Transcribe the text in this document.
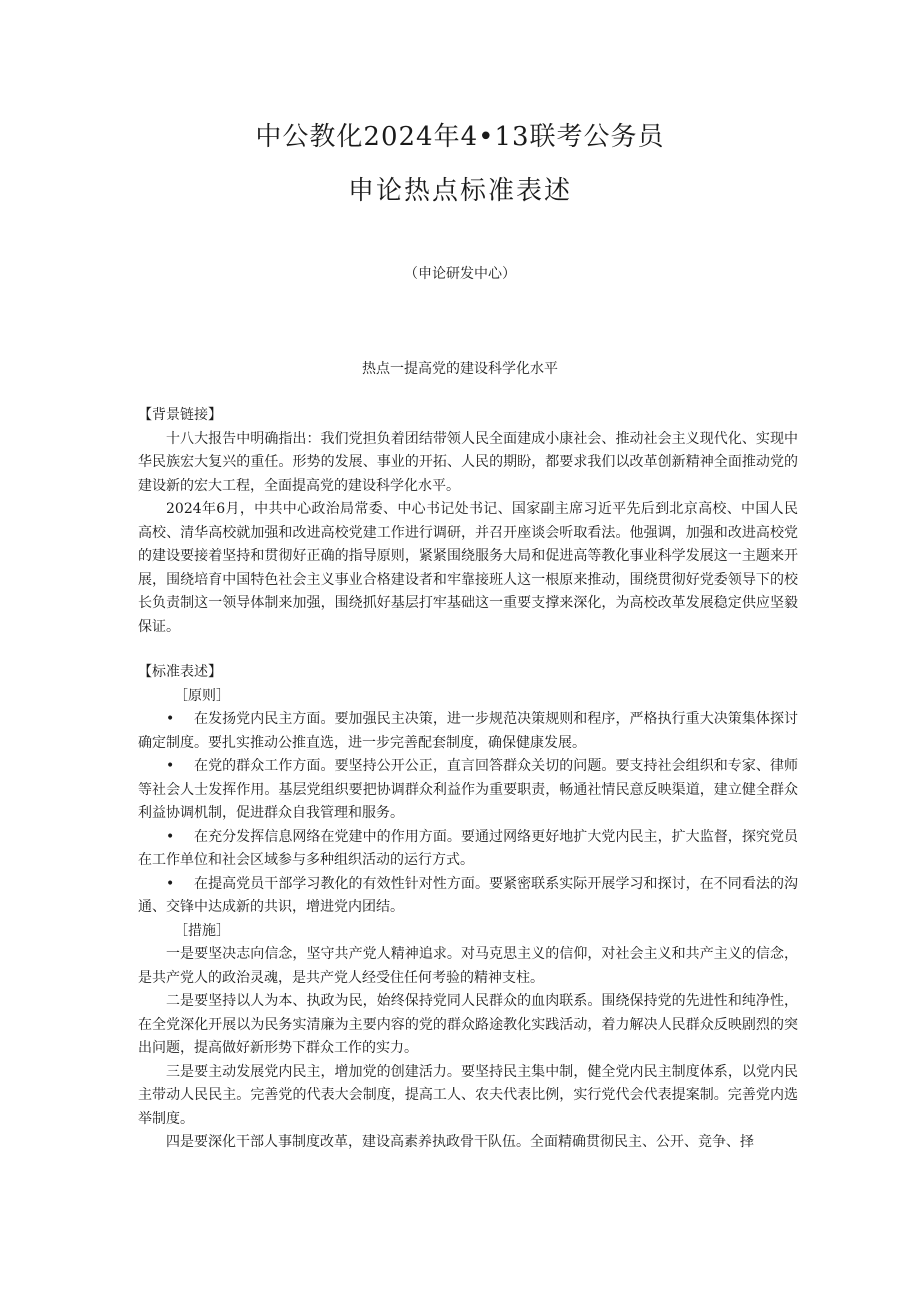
中公教化2024年4•13联考公务员
申论热点标准表述
（申论研发中心）
热点一提高党的建设科学化水平

【背景链接】

十八大报告中明确指出：我们党担负着团结带领人民全面建成小康社会、推动社会主义现代化、实现中华民族宏大复兴的重任。形势的发展、事业的开拓、人民的期盼，都要求我们以改革创新精神全面推动党的建设新的宏大工程，全面提高党的建设科学化水平。

2024年6月，中共中心政治局常委、中心书记处书记、国家副主席习近平先后到北京高校、中国人民高校、清华高校就加强和改进高校党建工作进行调研，并召开座谈会听取看法。他强调，加强和改进高校党的建设要接着坚持和贯彻好正确的指导原则，紧紧围绕服务大局和促进高等教化事业科学发展这一主题来开展，围绕培育中国特色社会主义事业合格建设者和牢靠接班人这一根原来推动，围绕贯彻好党委领导下的校长负责制这一领导体制来加强，围绕抓好基层打牢基础这一重要支撑来深化，为高校改革发展稳定供应坚毅保证。

【标准表述】

［原则］

• 在发扬党内民主方面。要加强民主决策，进一步规范决策规则和程序，严格执行重大决策集体探讨确定制度。要扎实推动公推直选，进一步完善配套制度，确保健康发展。

• 在党的群众工作方面。要坚持公开公正，直言回答群众关切的问题。要支持社会组织和专家、律师等社会人士发挥作用。基层党组织要把协调群众利益作为重要职责，畅通社情民意反映渠道，建立健全群众利益协调机制，促进群众自我管理和服务。

• 在充分发挥信息网络在党建中的作用方面。要通过网络更好地扩大党内民主，扩大监督，探究党员在工作单位和社会区域参与多种组织活动的运行方式。

• 在提高党员干部学习教化的有效性针对性方面。要紧密联系实际开展学习和探讨，在不同看法的沟通、交锋中达成新的共识，增进党内团结。

［措施］

一是要坚决志向信念，坚守共产党人精神追求。对马克思主义的信仰，对社会主义和共产主义的信念，是共产党人的政治灵魂，是共产党人经受住任何考验的精神支柱。

二是要坚持以人为本、执政为民，始终保持党同人民群众的血肉联系。围绕保持党的先进性和纯净性，在全党深化开展以为民务实清廉为主要内容的党的群众路途教化实践活动，着力解决人民群众反映剧烈的突出问题，提高做好新形势下群众工作的实力。

三是要主动发展党内民主，增加党的创建活力。要坚持民主集中制，健全党内民主制度体系，以党内民主带动人民民主。完善党的代表大会制度，提高工人、农夫代表比例，实行党代会代表提案制。完善党内选举制度。

四是要深化干部人事制度改革，建设高素养执政骨干队伍。全面精确贯彻民主、公开、竞争、择
